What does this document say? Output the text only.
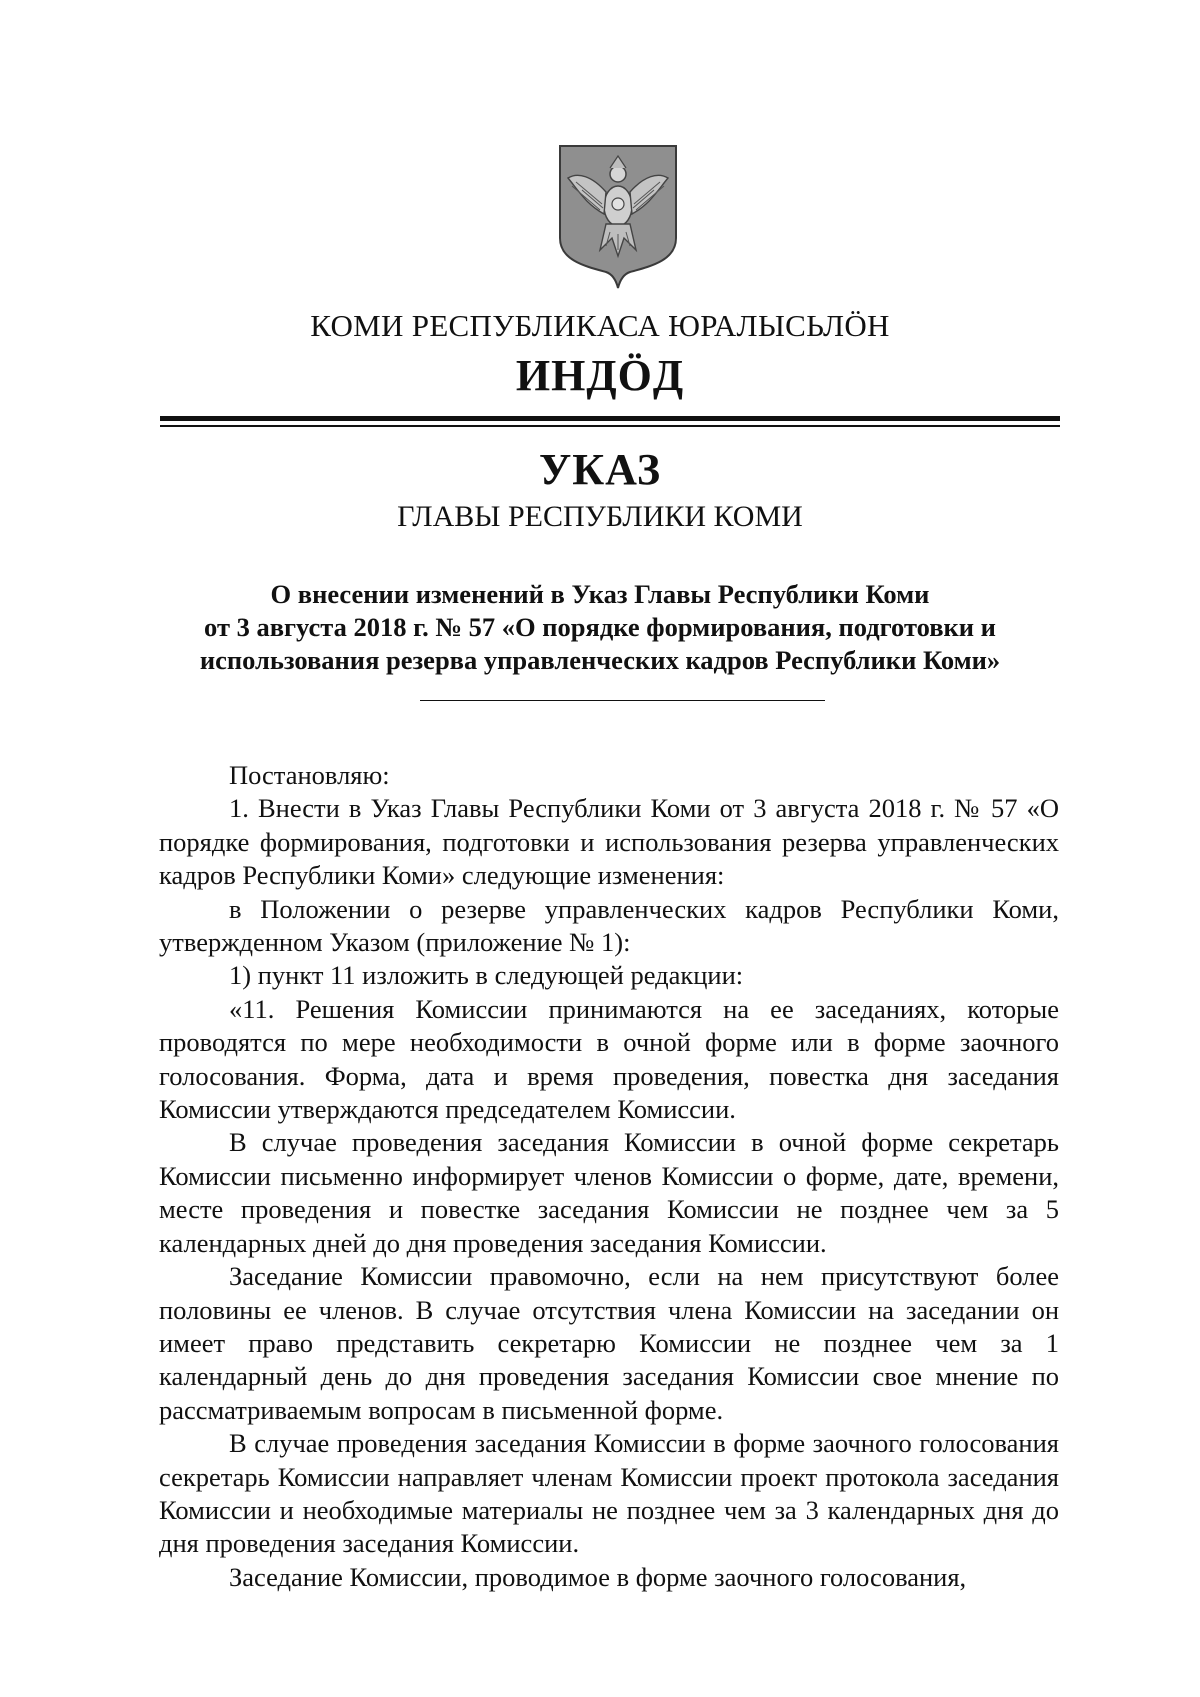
КОМИ РЕСПУБЛИКАСА ЮРАЛЫСЬЛӦН
ИНДӦД
УКАЗ
ГЛАВЫ РЕСПУБЛИКИ КОМИ
О внесении изменений в Указ Главы Республики Коми
от 3 августа 2018 г. № 57 «О порядке формирования, подготовки и
использования резерва управленческих кадров Республики Коми»

Постановляю:

1. Внести в Указ Главы Республики Коми от 3 августа 2018 г. № 57 «О порядке формирования, подготовки и использования резерва управленческих кадров Республики Коми» следующие изменения:

в Положении о резерве управленческих кадров Республики Коми, утвержденном Указом (приложение № 1):

1) пункт 11 изложить в следующей редакции:

«11. Решения Комиссии принимаются на ее заседаниях, которые проводятся по мере необходимости в очной форме или в форме заочного голосования. Форма, дата и время проведения, повестка дня заседания Комиссии утверждаются председателем Комиссии.

В случае проведения заседания Комиссии в очной форме секретарь Комиссии письменно информирует членов Комиссии о форме, дате, времени, месте проведения и повестке заседания Комиссии не позднее чем за 5 календарных дней до дня проведения заседания Комиссии.

Заседание Комиссии правомочно, если на нем присутствуют более половины ее членов. В случае отсутствия члена Комиссии на заседании он имеет право представить секретарю Комиссии не позднее чем за 1 календарный день до дня проведения заседания Комиссии свое мнение по рассматриваемым вопросам в письменной форме.

В случае проведения заседания Комиссии в форме заочного голосования секретарь Комиссии направляет членам Комиссии проект протокола заседания Комиссии и необходимые материалы не позднее чем за 3 календарных дня до дня проведения заседания Комиссии.

Заседание Комиссии, проводимое в форме заочного голосования,
